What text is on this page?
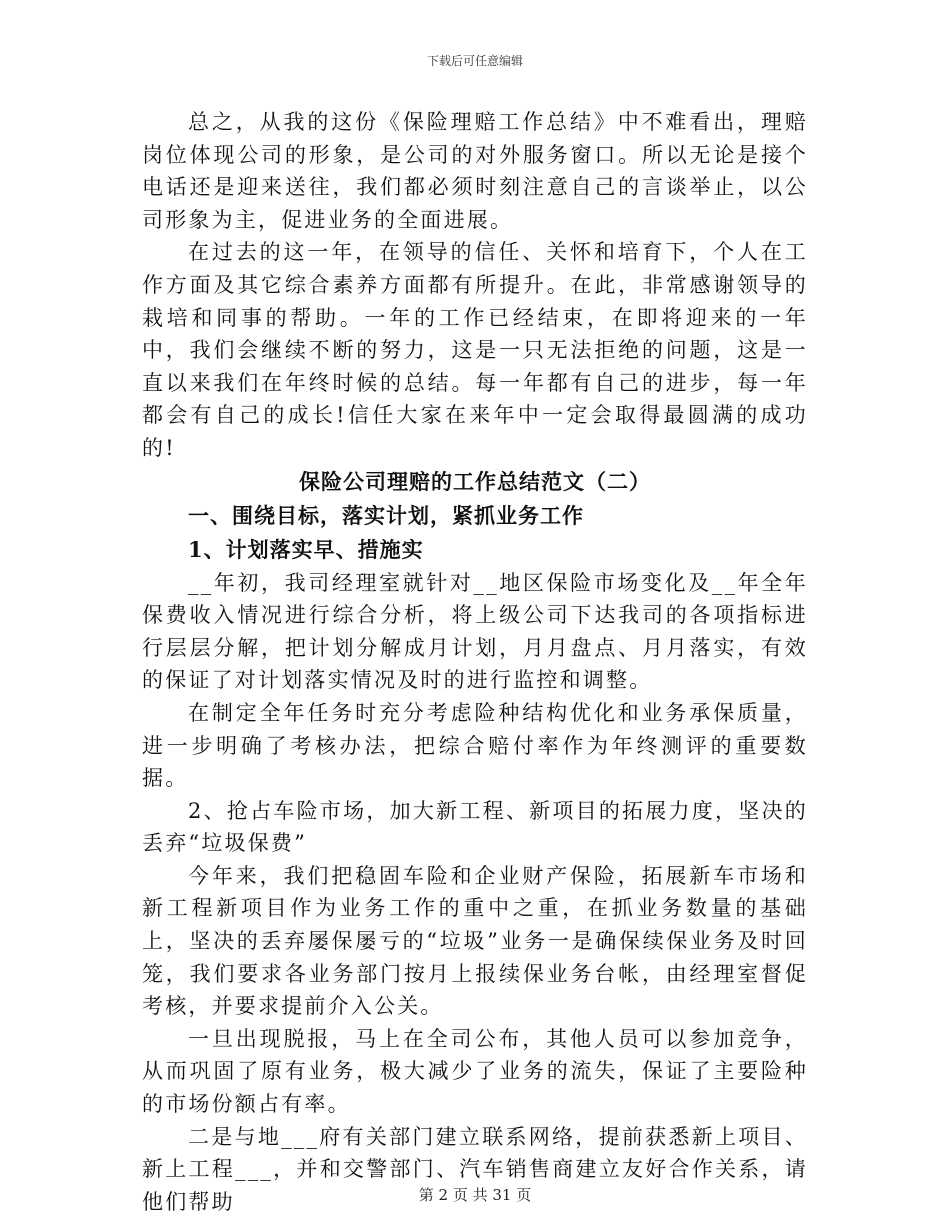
下载后可任意编辑

总之，从我的这份《保险理赔工作总结》中不难看出，理赔岗位体现公司的形象，是公司的对外服务窗口。所以无论是接个电话还是迎来送往，我们都必须时刻注意自己的言谈举止，以公司形象为主，促进业务的全面进展。

在过去的这一年，在领导的信任、关怀和培育下，个人在工作方面及其它综合素养方面都有所提升。在此，非常感谢领导的栽培和同事的帮助。一年的工作已经结束，在即将迎来的一年中，我们会继续不断的努力，这是一只无法拒绝的问题，这是一直以来我们在年终时候的总结。每一年都有自己的进步，每一年都会有自己的成长!信任大家在来年中一定会取得最圆满的成功的!

保险公司理赔的工作总结范文（二）

一、围绕目标，落实计划，紧抓业务工作

1、计划落实早、措施实

__年初，我司经理室就针对__地区保险市场变化及__年全年保费收入情况进行综合分析，将上级公司下达我司的各项指标进行层层分解，把计划分解成月计划，月月盘点、月月落实，有效的保证了对计划落实情况及时的进行监控和调整。

在制定全年任务时充分考虑险种结构优化和业务承保质量，进一步明确了考核办法，把综合赔付率作为年终测评的重要数据。

2、抢占车险市场，加大新工程、新项目的拓展力度，坚决的丢弃“垃圾保费”

今年来，我们把稳固车险和企业财产保险，拓展新车市场和新工程新项目作为业务工作的重中之重，在抓业务数量的基础上，坚决的丢弃屡保屡亏的“垃圾”业务一是确保续保业务及时回笼，我们要求各业务部门按月上报续保业务台帐，由经理室督促考核，并要求提前介入公关。

一旦出现脱报，马上在全司公布，其他人员可以参加竞争，从而巩固了原有业务，极大减少了业务的流失，保证了主要险种的市场份额占有率。

二是与地___府有关部门建立联系网络，提前获悉新上项目、新上工程___，并和交警部门、汽车销售商建立友好合作关系，请他们帮助	第 2 页 共 31 页
